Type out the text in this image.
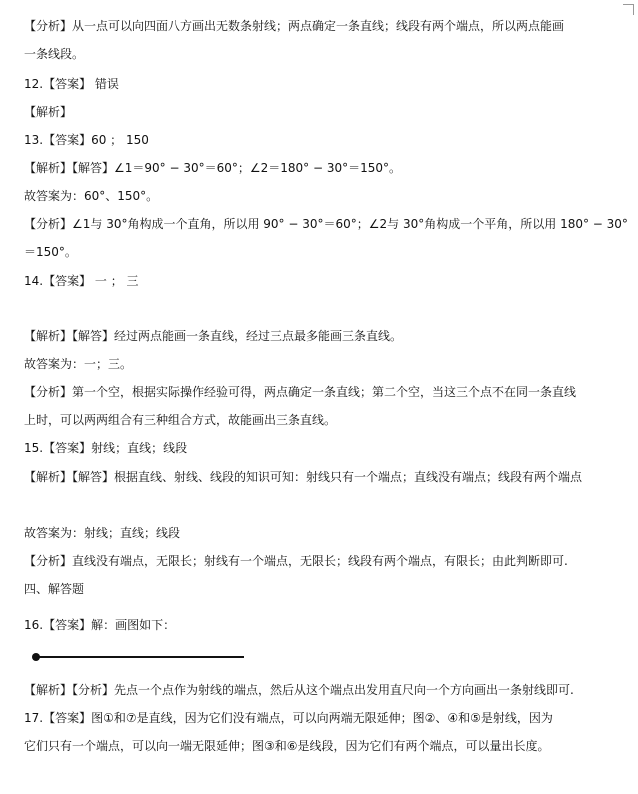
【分析】从一点可以向四面八方画出无数条射线；两点确定一条直线；线段有两个端点，所以两点能画
一条线段。
12.【答案】 错误
【解析】
13.【答案】60 ； 150
【解析】【解答】∠1＝90° − 30°＝60°；∠2＝180° − 30°＝150°。
故答案为：60°、150°。
【分析】∠1与 30°角构成一个直角，所以用 90° − 30°＝60°；∠2与 30°角构成一个平角，所以用 180° − 30°
＝150°。
14.【答案】 一 ； 三
【解析】【解答】经过两点能画一条直线，经过三点最多能画三条直线。
故答案为：一；三。
【分析】第一个空，根据实际操作经验可得，两点确定一条直线；第二个空，当这三个点不在同一条直线
上时，可以两两组合有三种组合方式，故能画出三条直线。
15.【答案】射线；直线；线段
【解析】【解答】根据直线、射线、线段的知识可知：射线只有一个端点；直线没有端点；线段有两个端点
故答案为：射线；直线；线段
【分析】直线没有端点，无限长；射线有一个端点，无限长；线段有两个端点，有限长；由此判断即可.
四、解答题
16.【答案】解：画图如下：
【解析】【分析】先点一个点作为射线的端点，然后从这个端点出发用直尺向一个方向画出一条射线即可.
17.【答案】图①和⑦是直线，因为它们没有端点，可以向两端无限延伸；图②、④和⑤是射线，因为
它们只有一个端点，可以向一端无限延伸；图③和⑥是线段，因为它们有两个端点，可以量出长度。
